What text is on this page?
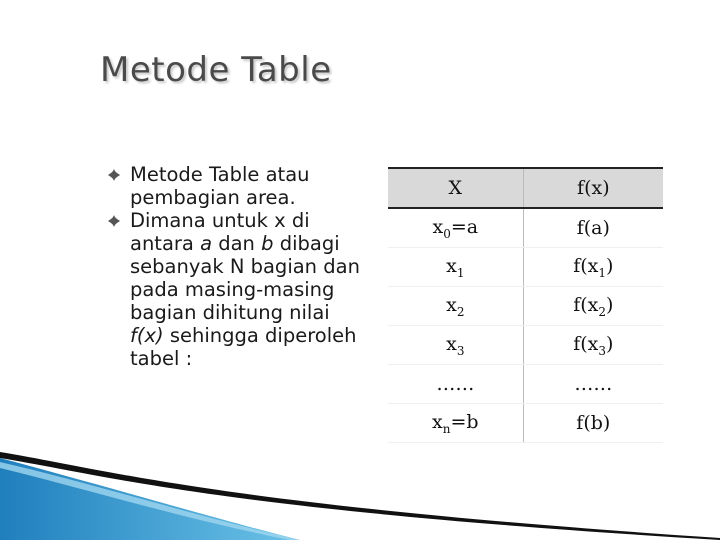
Metode Table
Metode Table atau pembagian area.
Dimana untuk x di antara a dan b dibagi sebanyak N bagian dan pada masing-masing bagian dihitung nilai f(x) sehingga diperoleh tabel :
X	f(x)
$x_0=a$	f(a)
$x_1$	$f(x_1)$
$x_2$	$f(x_2)$
$x_3$	$f(x_3)$
……	……
$x_n=b$	f(b)
